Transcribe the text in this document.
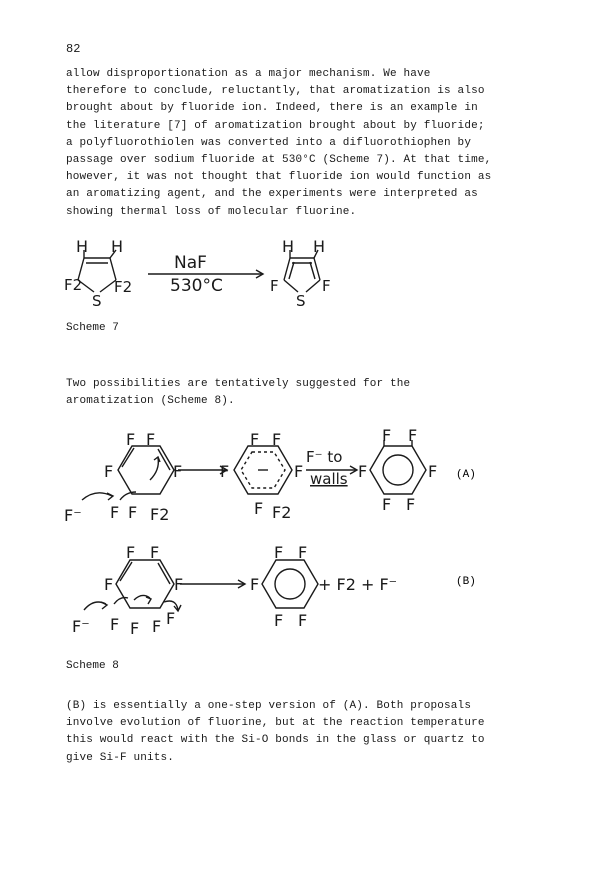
82
allow disproportionation as a major mechanism. We have
therefore to conclude, reluctantly, that aromatization is also
brought about by fluoride ion. Indeed, there is an example in
the literature [7] of aromatization brought about by fluoride;
a polyfluorothiolen was converted into a difluorothiophen by
passage over sodium fluoride at 530°C (Scheme 7). At that time,
however, it was not thought that fluoride ion would function as
an aromatizing agent, and the experiments were interpreted as
showing thermal loss of molecular fluorine.
H H
F2
S
F2
NaF
530°C
H H
F
S
F
Scheme 7
Two possibilities are tentatively suggested for the
aromatization (Scheme 8).
F F
F	F
F⁻ F F F2
F F
F	F
F F2
F⁻ to
walls
F F
F	F
F F
(A)
F F
F	F
F⁻ F F F F
F F
F
F F
+ F2 + F⁻	(B)
Scheme 8
(B) is essentially a one-step version of (A). Both proposals
involve evolution of fluorine, but at the reaction temperature
this would react with the Si-O bonds in the glass or quartz to
give Si-F units.
